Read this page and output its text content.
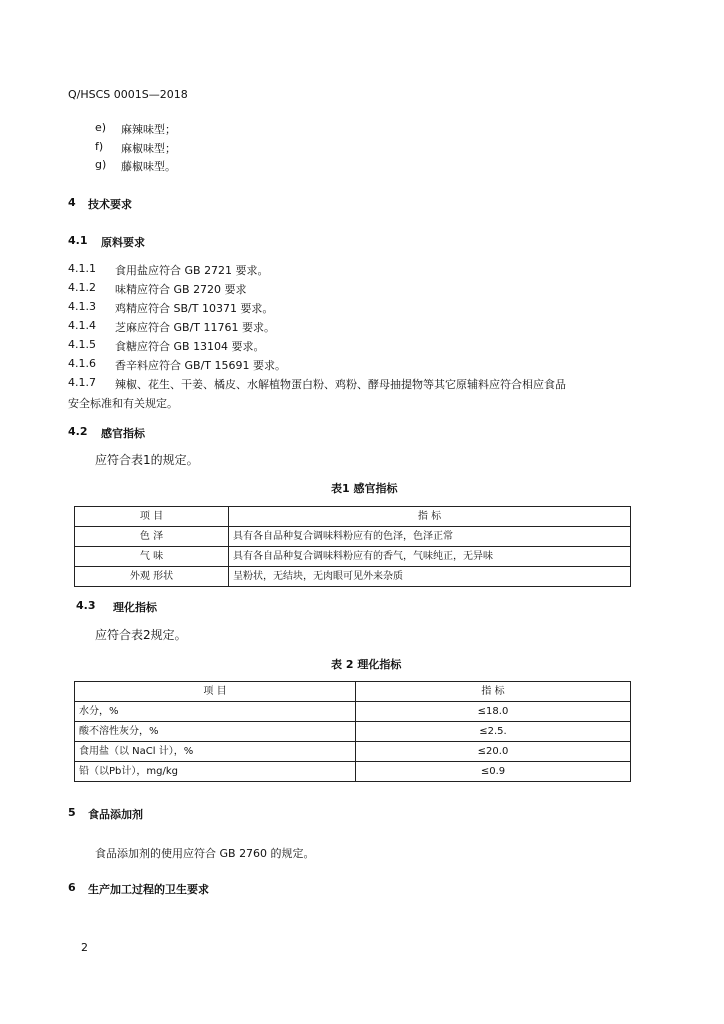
Q/HSCS 0001S—2018
e) 麻辣味型；
f) 麻椒味型；
g) 藤椒味型。
4 技术要求
4.1 原料要求
4.1.1 食用盐应符合 GB 2721 要求。
4.1.2 味精应符合 GB 2720 要求
4.1.3 鸡精应符合 SB/T 10371 要求。
4.1.4 芝麻应符合 GB/T 11761 要求。
4.1.5 食糖应符合 GB 13104 要求。
4.1.6 香辛料应符合 GB/T 15691 要求。
4.1.7 辣椒、花生、干姜、橘皮、水解植物蛋白粉、鸡粉、酵母抽提物等其它原辅料应符合相应食品
安全标准和有关规定。
4.2 感官指标
应符合表1的规定。
表1 感官指标
项 目	指 标
色 泽	具有各自品种复合调味料粉应有的色泽，色泽正常
气 味	具有各自品种复合调味料粉应有的香气，气味纯正，无异味
外观 形状	呈粉状，无结块，无肉眼可见外来杂质
4.3 理化指标
应符合表2规定。
表 2 理化指标
项 目	指 标
水分，%	≤18.0
酸不溶性灰分，%	≤2.5.
食用盐（以 NaCl 计），%	≤20.0
铅（以Pb计），mg/kg	≤0.9
5 食品添加剂
食品添加剂的使用应符合 GB 2760 的规定。
6 生产加工过程的卫生要求
2
